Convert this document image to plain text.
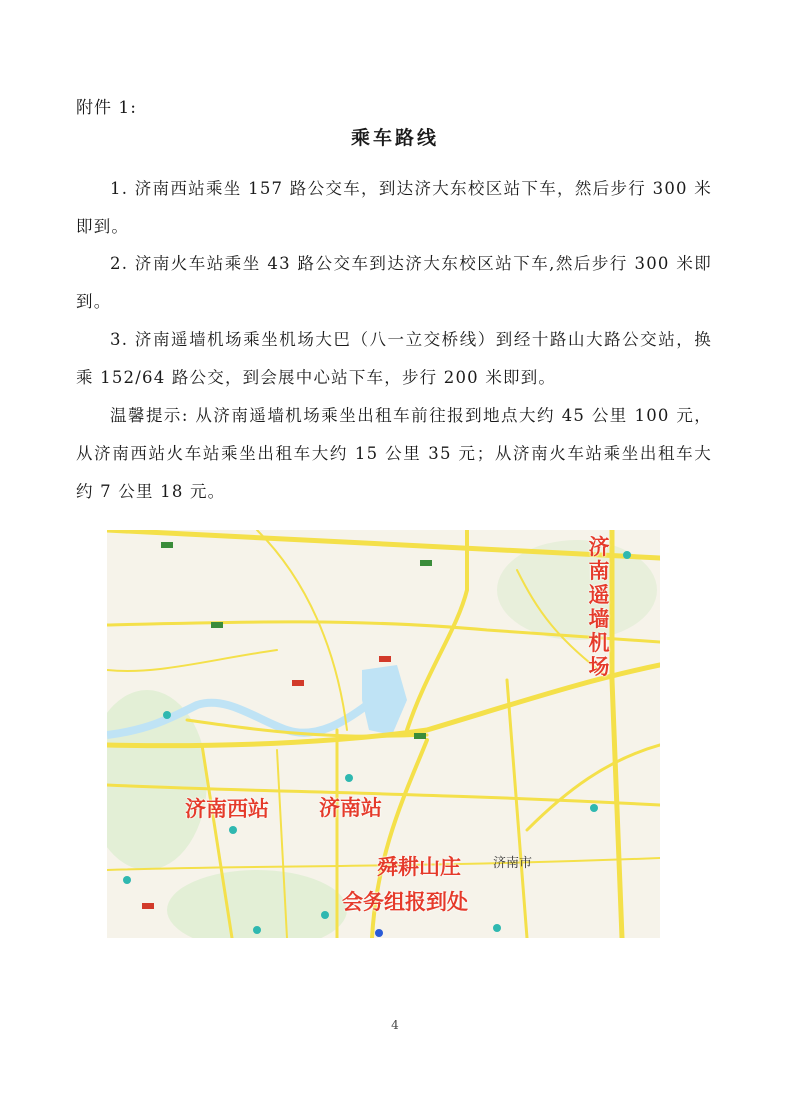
附件 1:
乘车路线
1. 济南西站乘坐 157 路公交车，到达济大东校区站下车，然后步行 300 米即到。
2. 济南火车站乘坐 43 路公交车到达济大东校区站下车,然后步行 300 米即到。
3. 济南遥墙机场乘坐机场大巴（八一立交桥线）到经十路山大路公交站，换乘 152/64 路公交，到会展中心站下车，步行 200 米即到。
温馨提示: 从济南遥墙机场乘坐出租车前往报到地点大约 45 公里 100 元，从济南西站火车站乘坐出租车大约 15 公里 35 元；从济南火车站乘坐出租车大约 7 公里 18 元。
济南遥墙机场
济南西站 济南站
舜耕山庄
会务组报到处
济南市
4
